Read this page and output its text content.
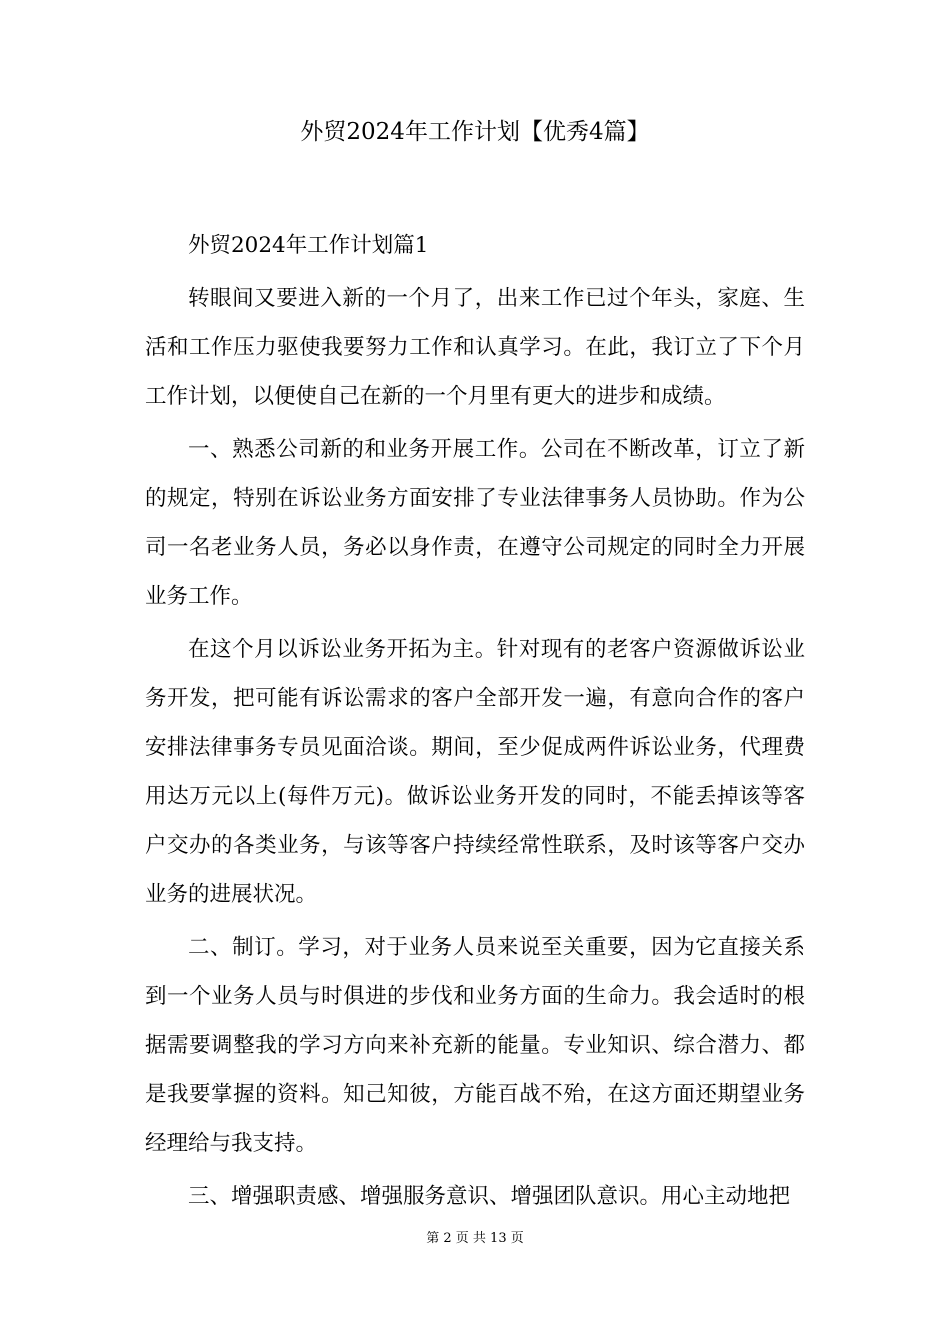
外贸2024年工作计划【优秀4篇】

外贸2024年工作计划篇1

转眼间又要进入新的一个月了，出来工作已过个年头，家庭、生活和工作压力驱使我要努力工作和认真学习。在此，我订立了下个月工作计划，以便使自己在新的一个月里有更大的进步和成绩。

一、熟悉公司新的和业务开展工作。公司在不断改革，订立了新的规定，特别在诉讼业务方面安排了专业法律事务人员协助。作为公司一名老业务人员，务必以身作责，在遵守公司规定的同时全力开展业务工作。

在这个月以诉讼业务开拓为主。针对现有的老客户资源做诉讼业务开发，把可能有诉讼需求的客户全部开发一遍，有意向合作的客户安排法律事务专员见面洽谈。期间，至少促成两件诉讼业务，代理费用达万元以上(每件万元)。做诉讼业务开发的同时，不能丢掉该等客户交办的各类业务，与该等客户持续经常性联系，及时该等客户交办业务的进展状况。

二、制订。学习，对于业务人员来说至关重要，因为它直接关系到一个业务人员与时俱进的步伐和业务方面的生命力。我会适时的根据需要调整我的学习方向来补充新的能量。专业知识、综合潜力、都是我要掌握的资料。知己知彼，方能百战不殆，在这方面还期望业务经理给与我支持。

三、增强职责感、增强服务意识、增强团队意识。用心主动地把

第 2 页 共 13 页
